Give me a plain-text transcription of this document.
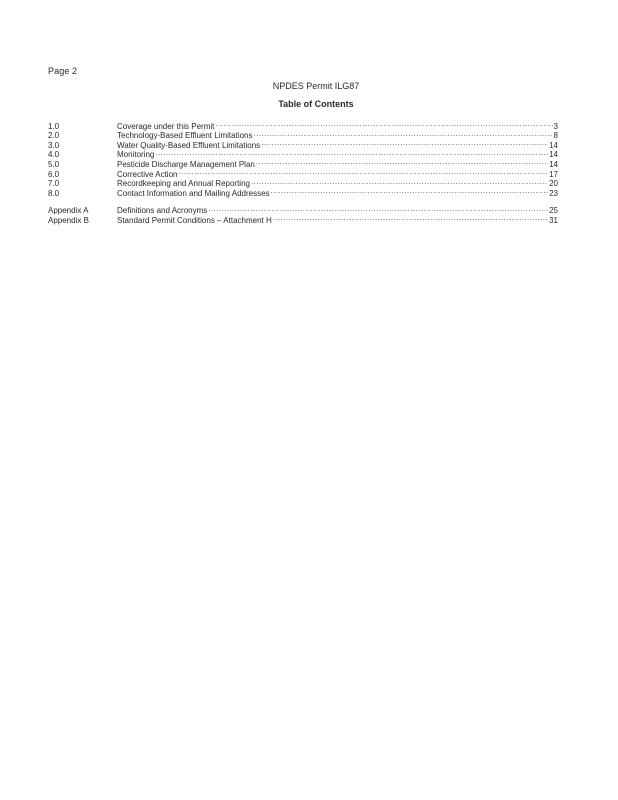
Page 2
NPDES Permit ILG87
Table of Contents
1.0	Coverage under this Permit .....	3
2.0	Technology-Based Effluent Limitations .....	8
3.0	Water Quality-Based Effluent Limitations .....	14
4.0	Monitoring .....	14
5.0	Pesticide Discharge Management Plan .....	14
6.0	Corrective Action .....	17
7.0	Recordkeeping and Annual Reporting .....	20
8.0	Contact Information and Mailing Addresses .....	23
Appendix A	Definitions and Acronyms .....	25
Appendix B	Standard Permit Conditions – Attachment H .....	31
